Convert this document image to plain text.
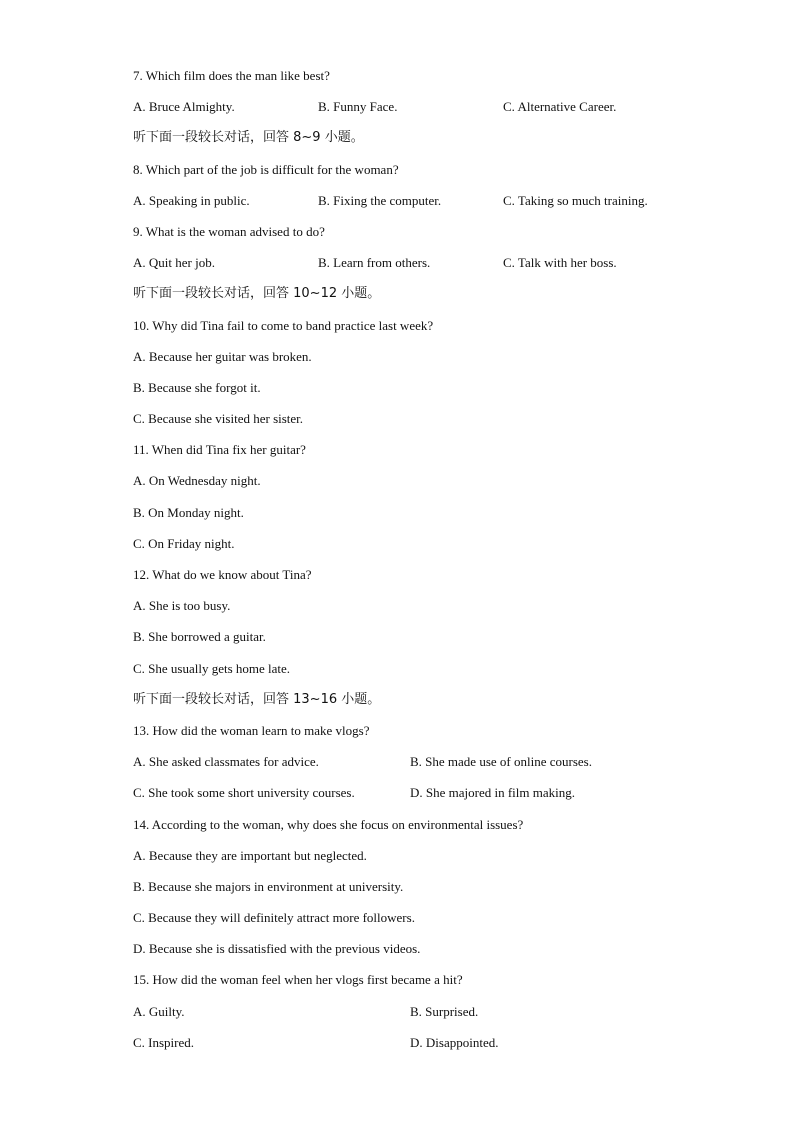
7. Which film does the man like best?
A. Bruce Almighty.	B. Funny Face.	C. Alternative Career.
听下面一段较长对话，回答 8~9 小题。
8. Which part of the job is difficult for the woman?
A. Speaking in public.	B. Fixing the computer.	C. Taking so much training.
9. What is the woman advised to do?
A. Quit her job.	B. Learn from others.	C. Talk with her boss.
听下面一段较长对话，回答 10~12 小题。
10. Why did Tina fail to come to band practice last week?
A. Because her guitar was broken.
B. Because she forgot it.
C. Because she visited her sister.
11. When did Tina fix her guitar?
A. On Wednesday night.
B. On Monday night.
C. On Friday night.
12. What do we know about Tina?
A. She is too busy.
B. She borrowed a guitar.
C. She usually gets home late.
听下面一段较长对话，回答 13~16 小题。
13. How did the woman learn to make vlogs?
A. She asked classmates for advice.	B. She made use of online courses.
C. She took some short university courses.	D. She majored in film making.
14. According to the woman, why does she focus on environmental issues?
A. Because they are important but neglected.
B. Because she majors in environment at university.
C. Because they will definitely attract more followers.
D. Because she is dissatisfied with the previous videos.
15. How did the woman feel when her vlogs first became a hit?
A. Guilty.	B. Surprised.
C. Inspired.	D. Disappointed.
